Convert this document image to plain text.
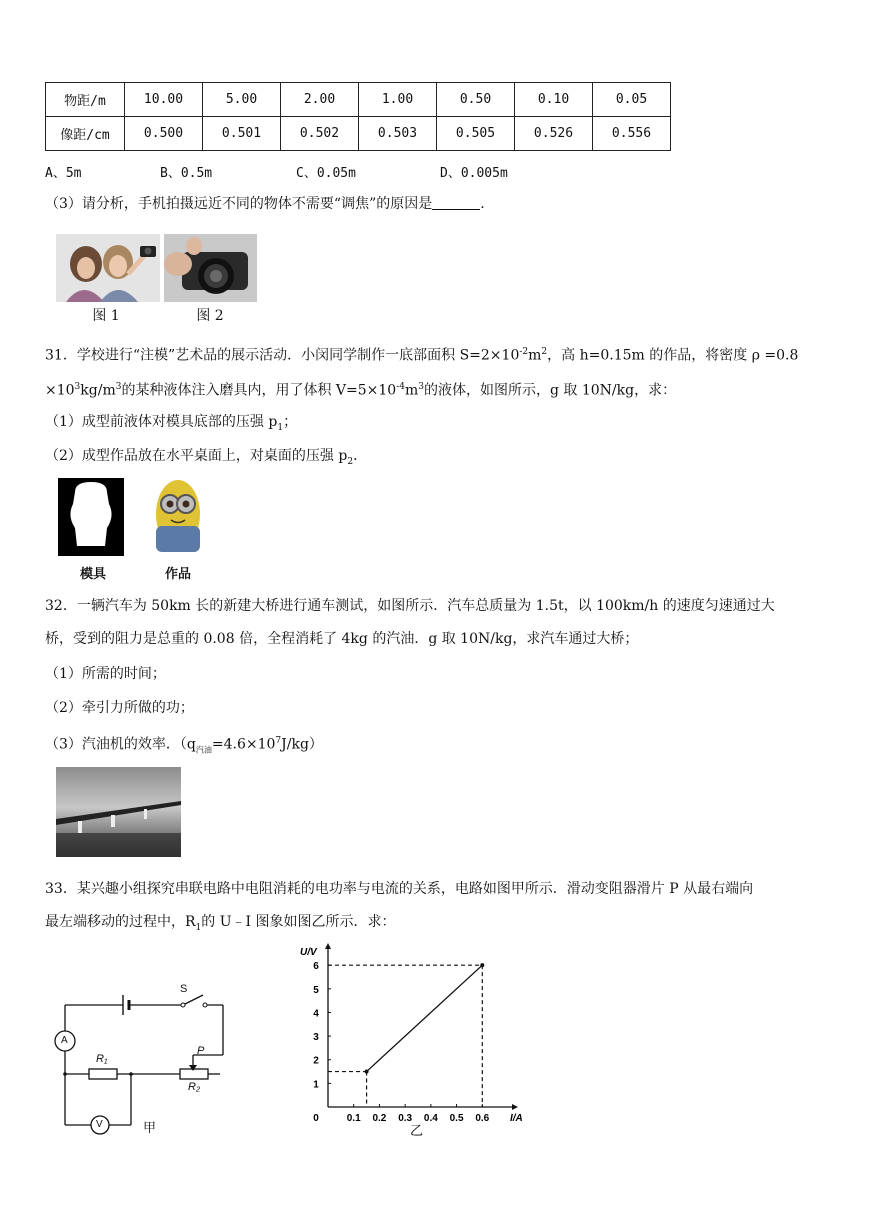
物距/m	10.00	5.00	2.00	1.00	0.50	0.10	0.05
像距/cm	0.500	0.501	0.502	0.503	0.505	0.526	0.556
A、5m	B、0.5m	C、0.05m	D、0.005m
（3）请分析，手机拍摄远近不同的物体不需要“调焦”的原因是	.
图 1	图 2
31．学校进行“注模”艺术品的展示活动．小闵同学制作一底部面积 $S=2\times 10^{-2}m^2$，高 h=0.15m 的作品，将密度 ρ =0.8
$\times 10^3kg/m^3$的某种液体注入磨具内，用了体积 $V=5\times 10^{-4}m^3$的液体，如图所示，g 取 10N/kg，求：
（1）成型前液体对模具底部的压强 $p_1$；
（2）成型作品放在水平桌面上，对桌面的压强 $p_2$．
模具	作品
32．一辆汽车为 50km 长的新建大桥进行通车测试，如图所示．汽车总质量为 1.5t，以 100km/h 的速度匀速通过大
桥，受到的阻力是总重的 0.08 倍，全程消耗了 4kg 的汽油．g 取 10N/kg，求汽车通过大桥；
（1）所需的时间；
（2）牵引力所做的功；
（3）汽油机的效率．$(q_{汽油}=4.6\times 10^7J/kg)$
33．某兴趣小组探究串联电路中电阻消耗的电功率与电流的关系，电路如图甲所示．滑动变阻器滑片 P 从最右端向
最左端移动的过程中，$R_1$的 U﹣I 图象如图乙所示．求：
S
A
V
R₁
R₂
P
甲
0	0.1 0.2 0.3 0.4 0.5 0.6
1
2
3
4
5
6
U/V
I/A
乙
